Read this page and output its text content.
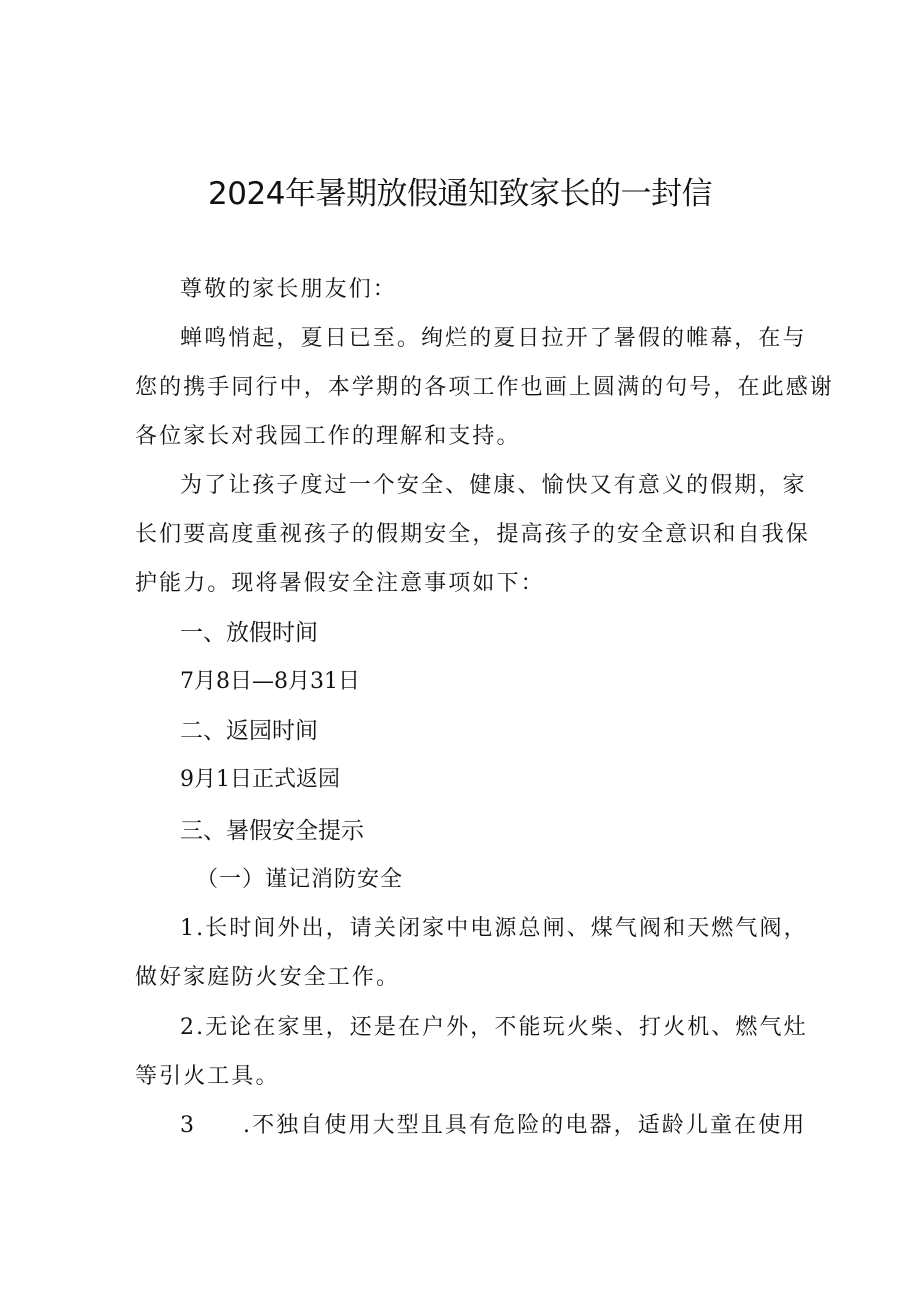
2024年暑期放假通知致家长的一封信

尊敬的家长朋友们：

蝉鸣悄起，夏日已至。绚烂的夏日拉开了暑假的帷幕，在与

您的携手同行中，本学期的各项工作也画上圆满的句号，在此感谢

各位家长对我园工作的理解和支持。

为了让孩子度过一个安全、健康、愉快又有意义的假期，家

长们要高度重视孩子的假期安全，提高孩子的安全意识和自我保

护能力。现将暑假安全注意事项如下：

一、放假时间

7月8日—8月31日

二、返园时间

9月1日正式返园

三、暑假安全提示

（一）谨记消防安全

1.长时间外出，请关闭家中电源总闸、煤气阀和天燃气阀，

做好家庭防火安全工作。

2.无论在家里，还是在户外，不能玩火柴、打火机、燃气灶

等引火工具。

3 .不独自使用大型且具有危险的电器，适龄儿童在使用
